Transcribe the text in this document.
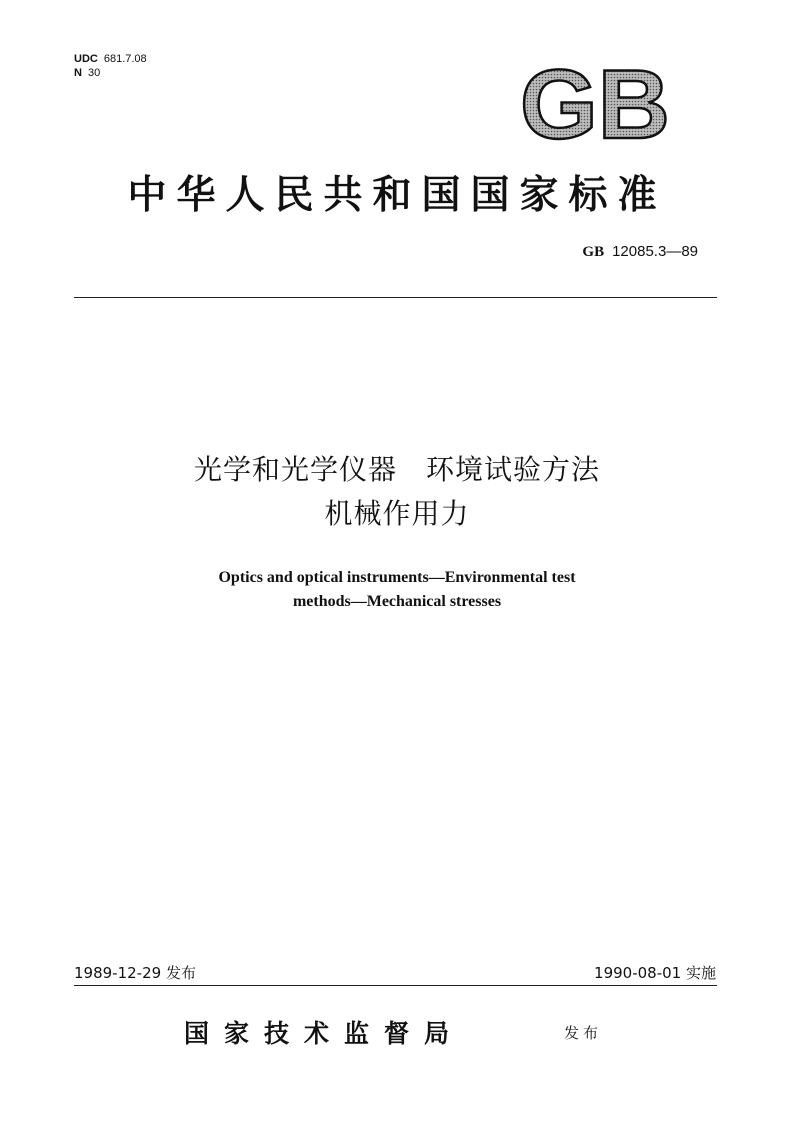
UDC 681.7.08
N 30	GB
中华人民共和国国家标准
GB 12085.3—89
光学和光学仪器　环境试验方法
机械作用力
Optics and optical instruments—Environmental test
methods—Mechanical stresses
1989-12-29 发布	1990-08-01 实施
国家技术监督局	发布
